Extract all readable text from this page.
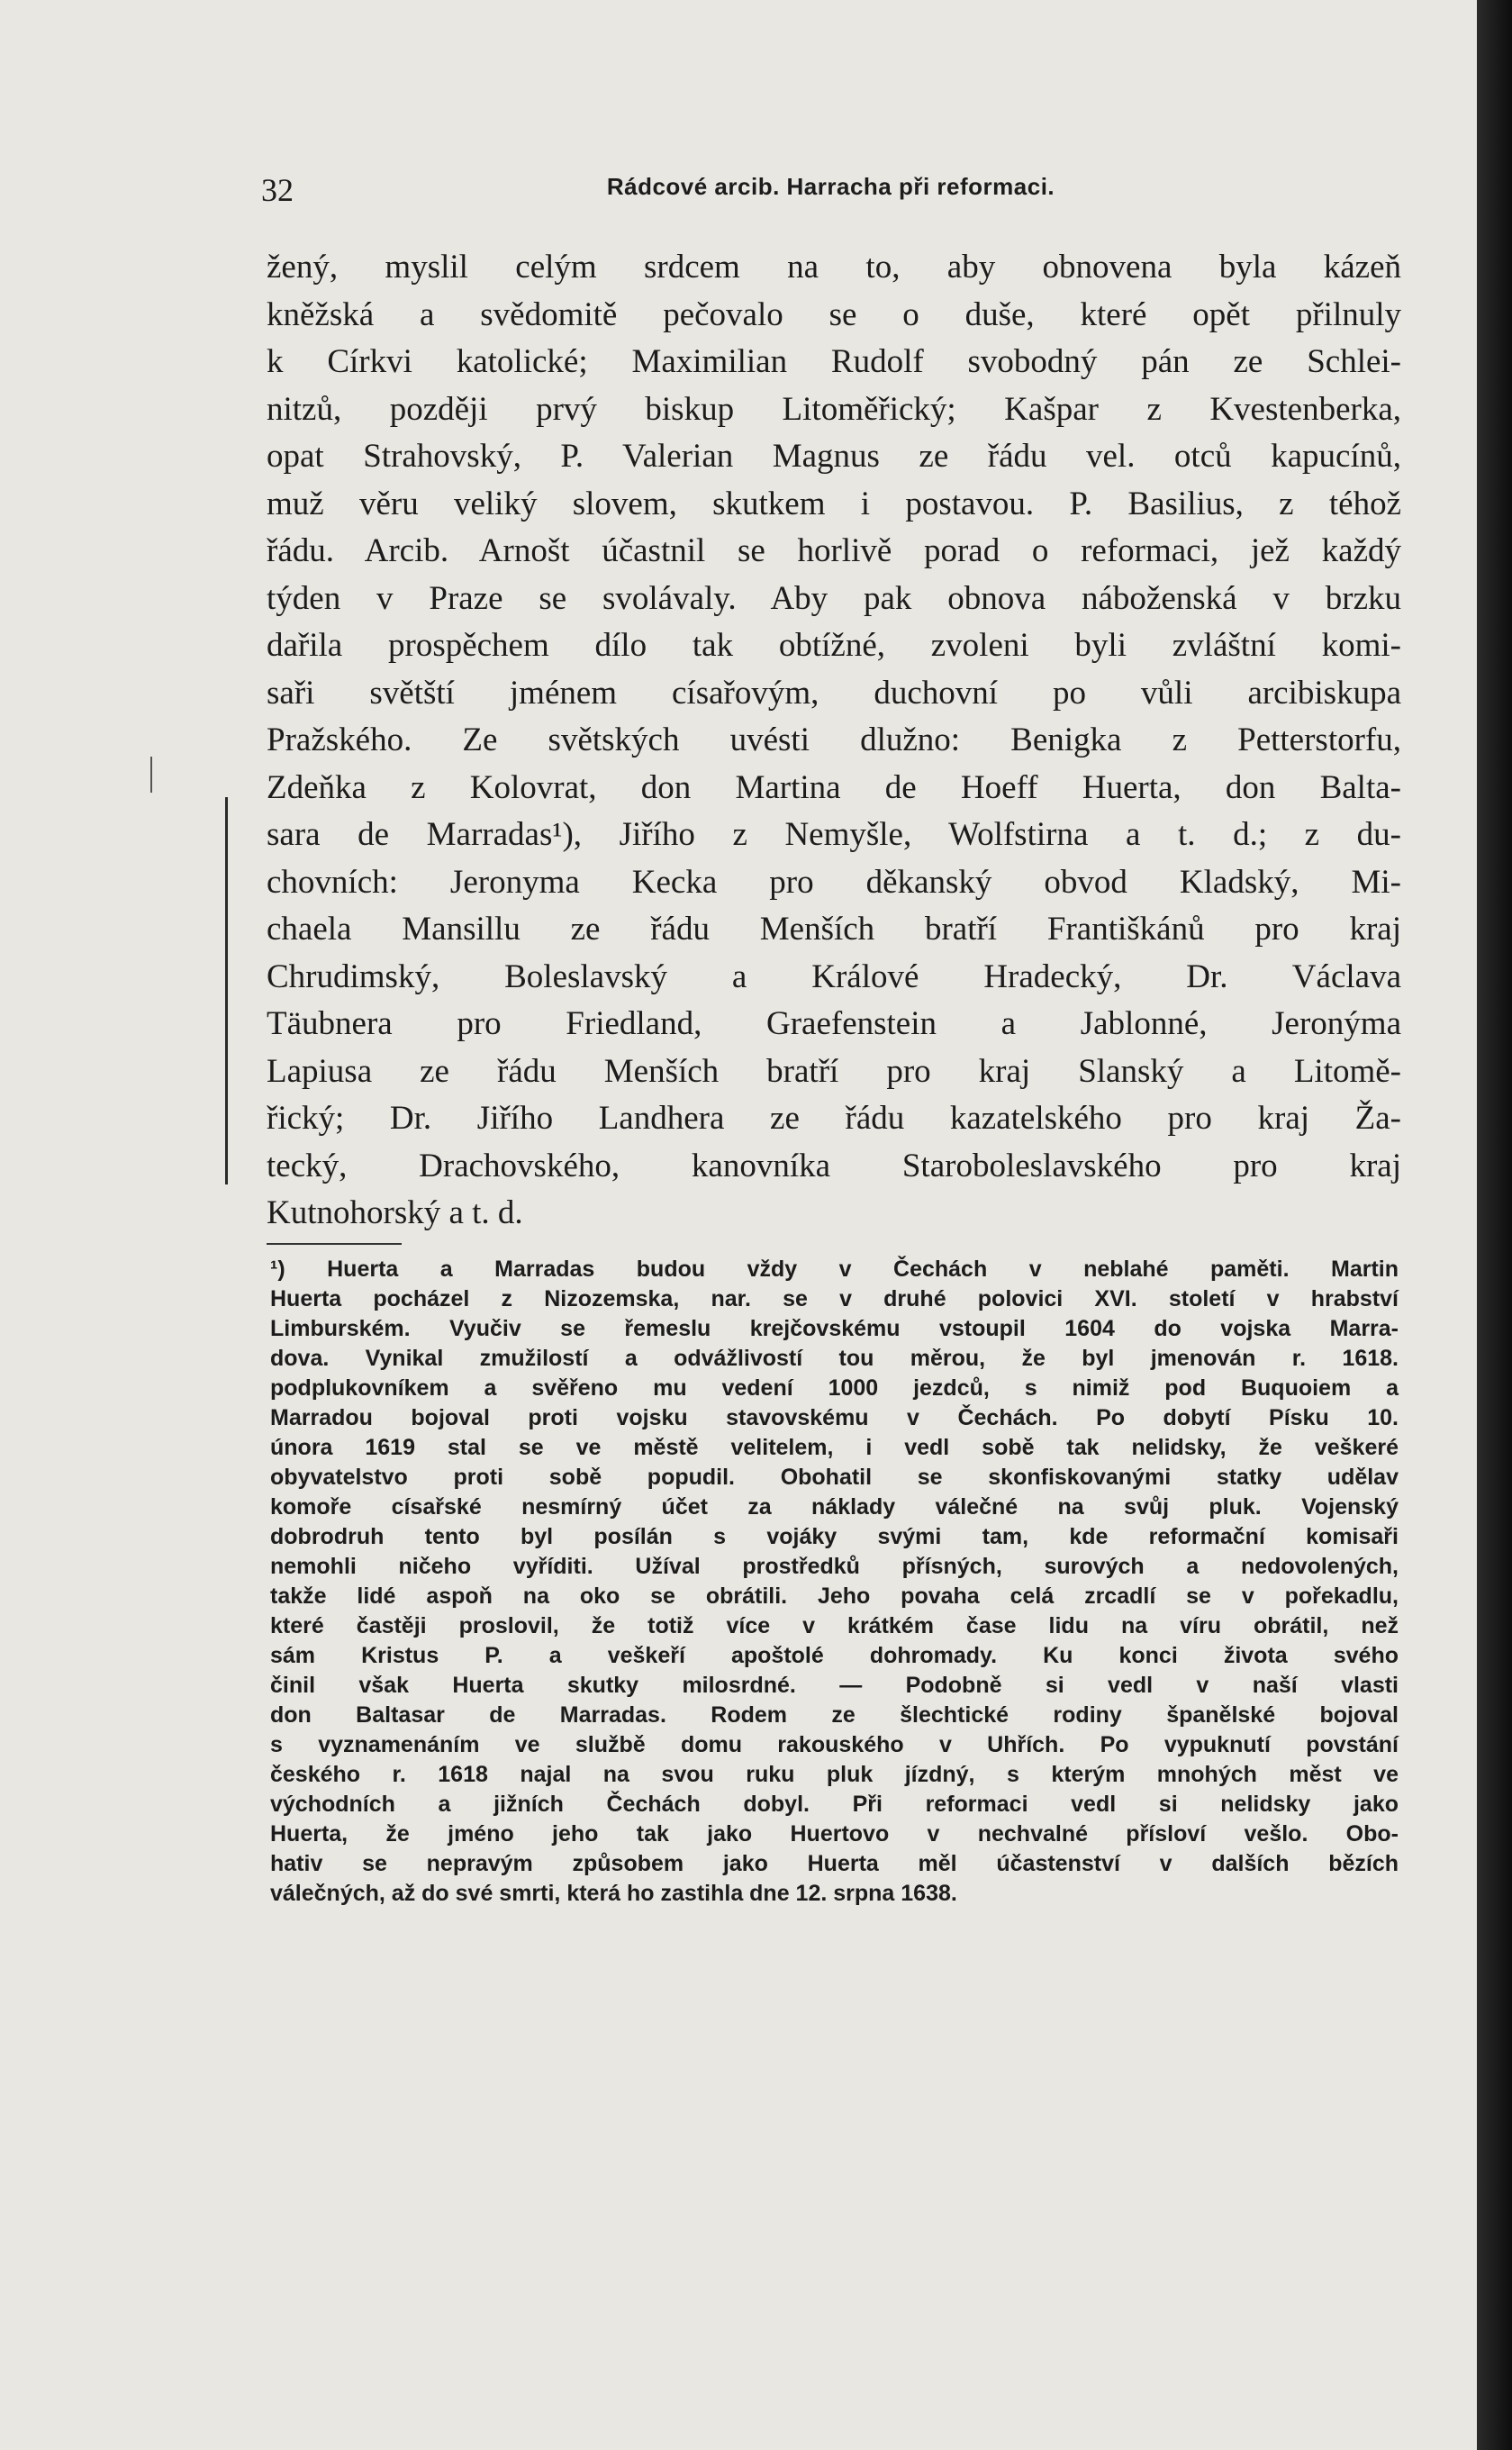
32	Rádcové arcib. Harracha při reformaci.
žený, myslil celým srdcem na to, aby obnovena byla kázeň
kněžská a svědomitě pečovalo se o duše, které opět přilnuly
k Církvi katolické; Maximilian Rudolf svobodný pán ze Schlei-
nitzů, později prvý biskup Litoměřický; Kašpar z Kvestenberka,
opat Strahovský, P. Valerian Magnus ze řádu vel. otců kapucínů,
muž věru veliký slovem, skutkem i postavou. P. Basilius, z téhož
řádu. Arcib. Arnošt účastnil se horlivě porad o reformaci, jež každý
týden v Praze se svolávaly. Aby pak obnova náboženská v brzku
dařila prospěchem dílo tak obtížné, zvoleni byli zvláštní komi-
saři světští jménem císařovým, duchovní po vůli arcibiskupa
Pražského. Ze světských uvésti dlužno: Benigka z Petterstorfu,
Zdeňka z Kolovrat, don Martina de Hoeff Huerta, don Balta-
sara de Marradas¹), Jiřího z Nemyšle, Wolfstirna a t. d.; z du-
chovních: Jeronyma Kecka pro děkanský obvod Kladský, Mi-
chaela Mansillu ze řádu Menších bratří Františkánů pro kraj
Chrudimský, Boleslavský a Králové Hradecký, Dr. Václava
Täubnera pro Friedland, Graefenstein a Jablonné, Jeronýma
Lapiusa ze řádu Menších bratří pro kraj Slanský a Litomě-
řický; Dr. Jiřího Landhera ze řádu kazatelského pro kraj Ža-
tecký, Drachovského, kanovníka Staroboleslavského pro kraj
Kutnohorský a t. d.
¹) Huerta a Marradas budou vždy v Čechách v neblahé paměti. Martin
Huerta pocházel z Nizozemska, nar. se v druhé polovici XVI. století v hrabství
Limburském. Vyučiv se řemeslu krejčovskému vstoupil 1604 do vojska Marra-
dova. Vynikal zmužilostí a odvážlivostí tou měrou, že byl jmenován r. 1618.
podplukovníkem a svěřeno mu vedení 1000 jezdců, s nimiž pod Buquoiem a
Marradou bojoval proti vojsku stavovskému v Čechách. Po dobytí Písku 10.
února 1619 stal se ve městě velitelem, i vedl sobě tak nelidsky, že veškeré
obyvatelstvo proti sobě popudil. Obohatil se skonfiskovanými statky udělav
komoře císařské nesmírný účet za náklady válečné na svůj pluk. Vojenský
dobrodruh tento byl posílán s vojáky svými tam, kde reformační komisaři
nemohli ničeho vyříditi. Užíval prostředků přísných, surových a nedovolených,
takže lidé aspoň na oko se obrátili. Jeho povaha celá zrcadlí se v pořekadlu,
které častěji proslovil, že totiž více v krátkém čase lidu na víru obrátil, než
sám Kristus P. a veškeří apoštolé dohromady. Ku konci života svého
činil však Huerta skutky milosrdné. — Podobně si vedl v naší vlasti
don Baltasar de Marradas. Rodem ze šlechtické rodiny španělské bojoval
s vyznamenáním ve službě domu rakouského v Uhřích. Po vypuknutí povstání
českého r. 1618 najal na svou ruku pluk jízdný, s kterým mnohých měst ve
východních a jižních Čechách dobyl. Při reformaci vedl si nelidsky jako
Huerta, že jméno jeho tak jako Huertovo v nechvalné přísloví vešlo. Obo-
hativ se nepravým způsobem jako Huerta měl účastenství v dalších bězích
válečných, až do své smrti, která ho zastihla dne 12. srpna 1638.
